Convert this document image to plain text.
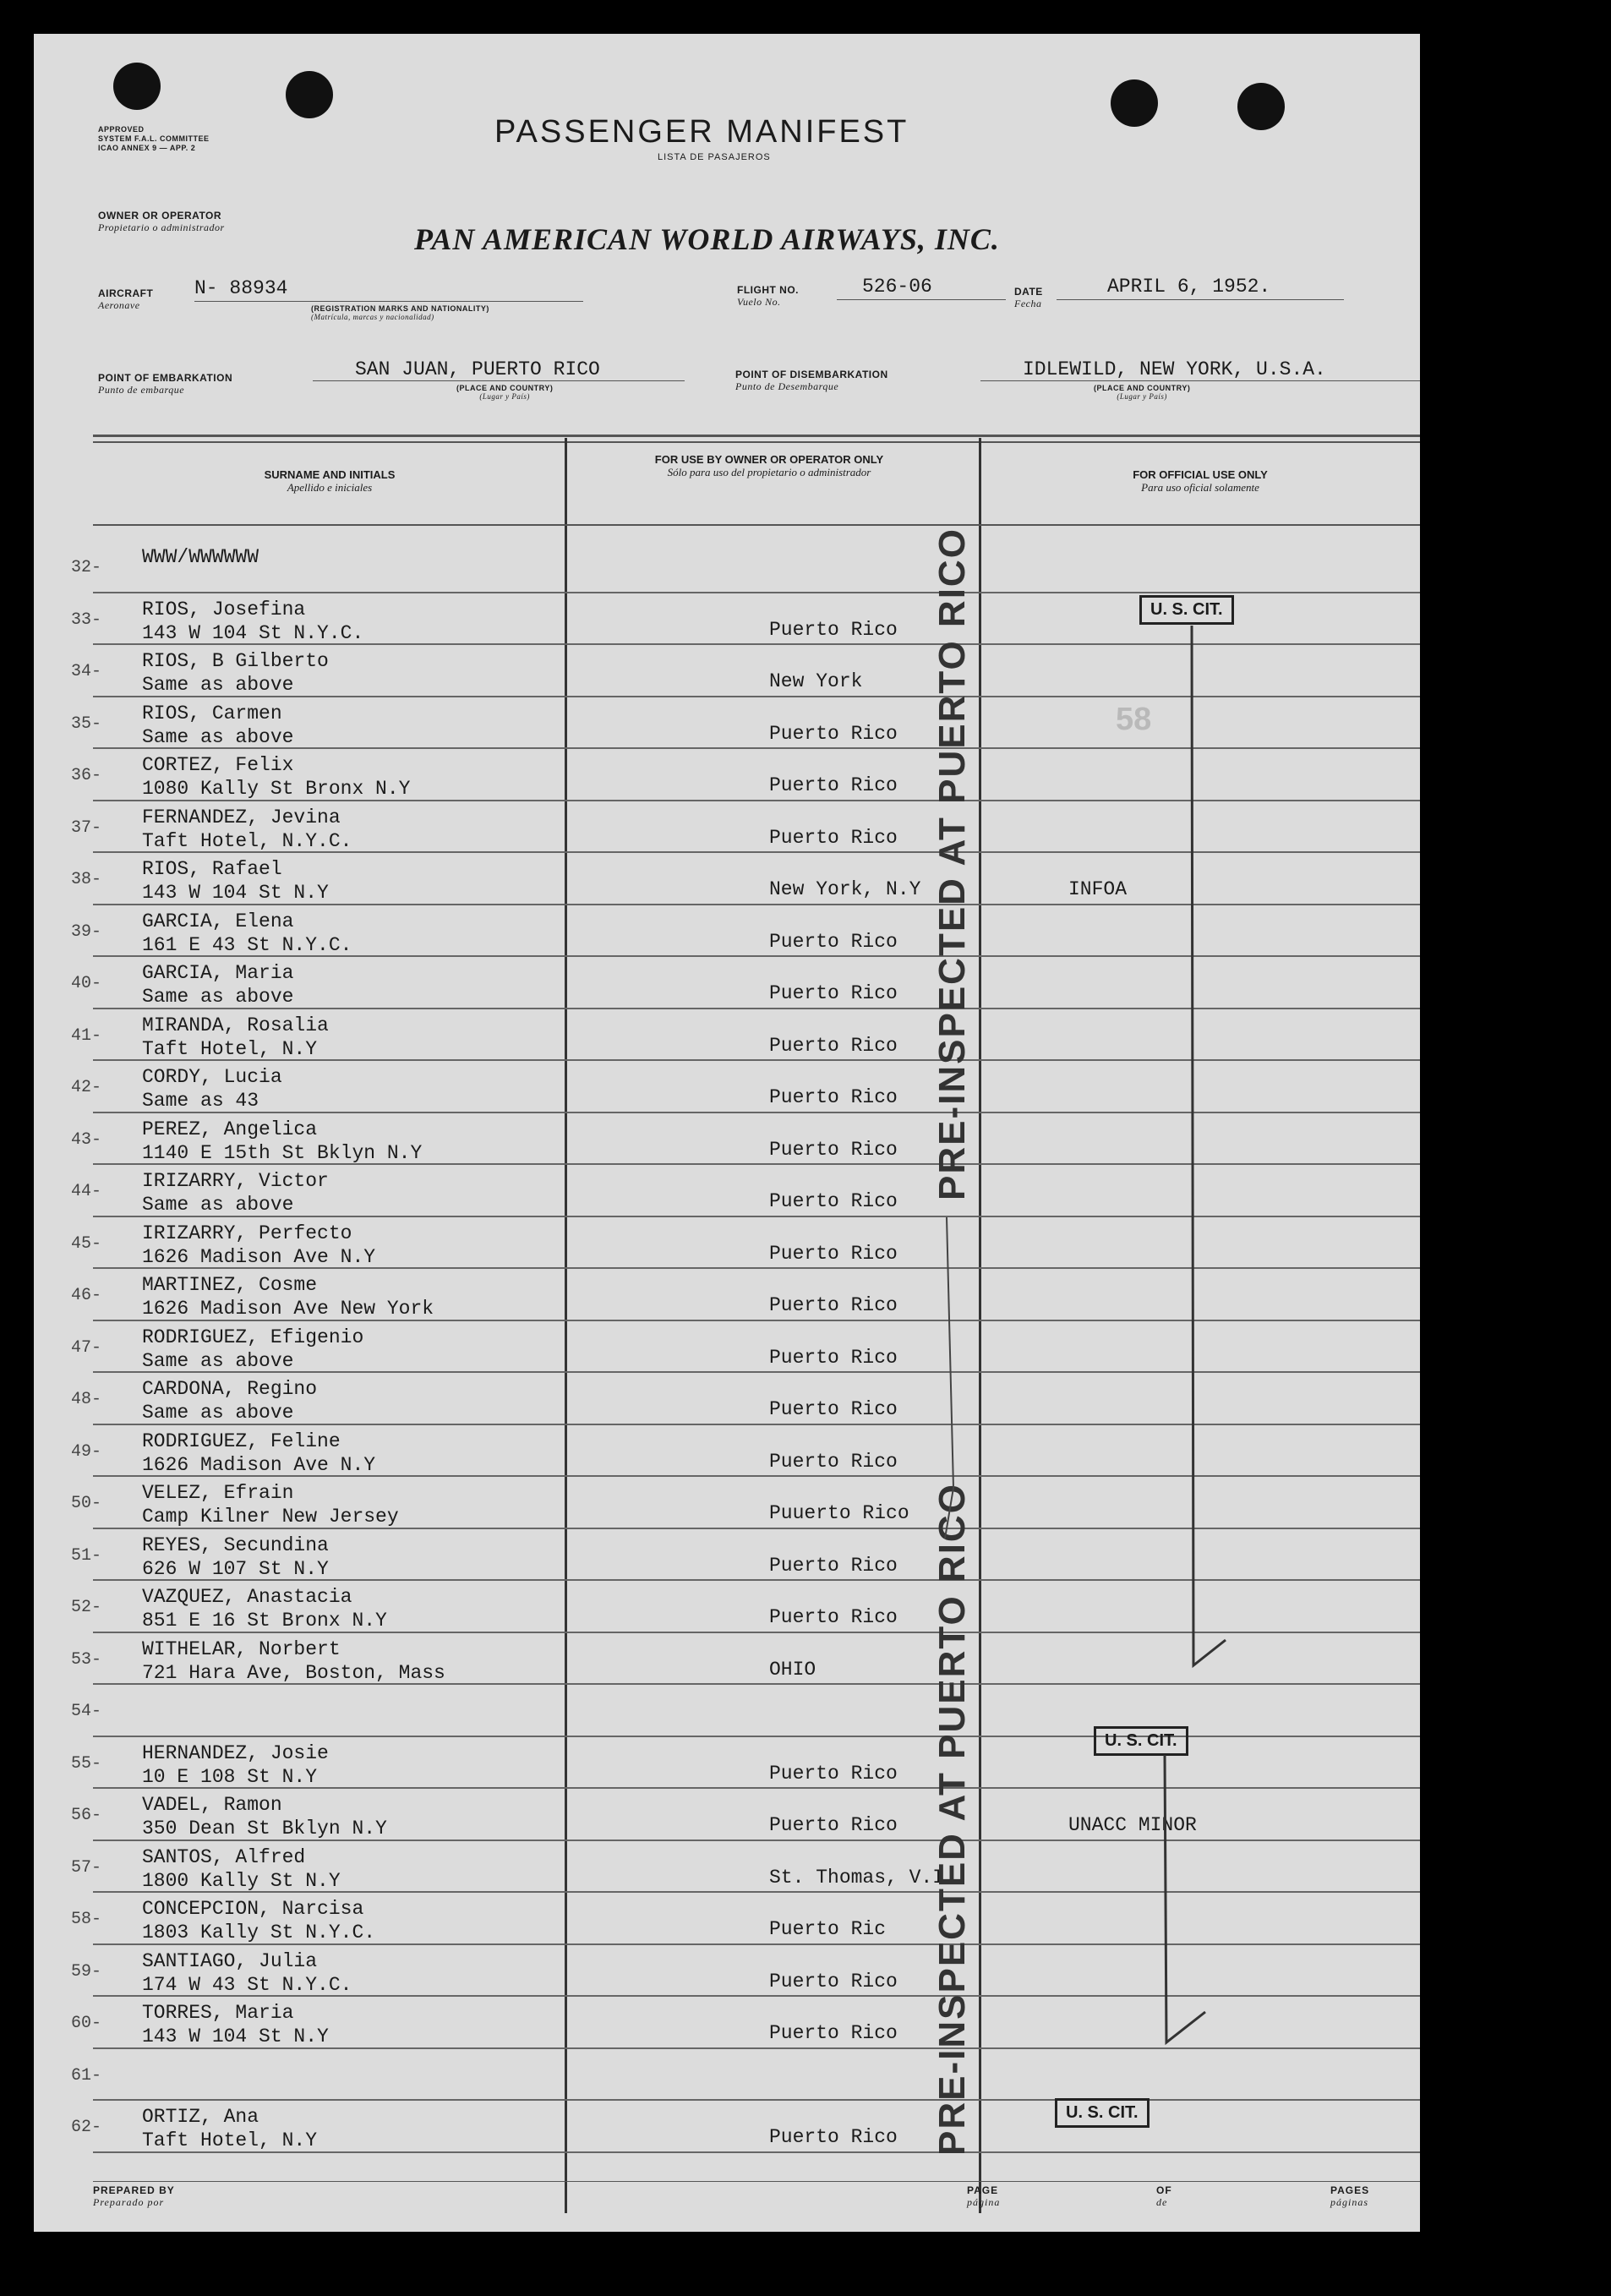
APPROVED
SYSTEM F.A.L. COMMITTEE
ICAO ANNEX 9 — APP. 2	PASSENGER MANIFEST
LISTA DE PASAJEROS
OWNER OR OPERATOR
Propietario o administrador	PAN AMERICAN WORLD AIRWAYS, INC.
AIRCRAFT
Aeronave
N- 88934
(REGISTRATION MARKS AND NATIONALITY)
(Matrícula, marcas y nacionalidad)
FLIGHT NO.
Vuelo No.
526-06	DATE
Fecha
APRIL 6, 1952.
POINT OF EMBARKATION
Punto de embarque
SAN JUAN, PUERTO RICO
(PLACE AND COUNTRY)
(Lugar y País)
POINT OF DISEMBARKATION
Punto de Desembarque
IDLEWILD, NEW YORK, U.S.A.
(PLACE AND COUNTRY)
(Lugar y País)
SURNAME AND INITIALS
Apellido e iniciales
FOR USE BY OWNER OR OPERATOR ONLY
Sólo para uso del propietario o administrador	FOR OFFICIAL USE ONLY
Para uso oficial solamente
32- WWW/WWWWWW
33- RIOS, Josefina
143 W 104 St N.Y.C.	Puerto Rico
34- RIOS, B Gilberto
Same as above	New York
35- RIOS, Carmen
Same as above	Puerto Rico
36- CORTEZ, Felix
1080 Kally St Bronx N.Y	Puerto Rico
37- FERNANDEZ, Jevina
Taft Hotel, N.Y.C.	Puerto Rico
38- RIOS, Rafael
143 W 104 St N.Y	New York, N.Y	INFOA
39- GARCIA, Elena
161 E 43 St N.Y.C.	Puerto Rico
40- GARCIA, Maria
Same as above	Puerto Rico
41- MIRANDA, Rosalia
Taft Hotel, N.Y	Puerto Rico
42- CORDY, Lucia
Same as 43	Puerto Rico
43- PEREZ, Angelica
1140 E 15th St Bklyn N.Y	Puerto Rico
44- IRIZARRY, Victor
Same as above	Puerto Rico
45- IRIZARRY, Perfecto
1626 Madison Ave N.Y	Puerto Rico
46- MARTINEZ, Cosme
1626 Madison Ave New York	Puerto Rico
47- RODRIGUEZ, Efigenio
Same as above	Puerto Rico
48- CARDONA, Regino
Same as above	Puerto Rico
49- RODRIGUEZ, Feline
1626 Madison Ave N.Y	Puerto Rico
50- VELEZ, Efrain
Camp Kilner New Jersey	Puuerto Rico
51- REYES, Secundina
626 W 107 St N.Y	Puerto Rico
52- VAZQUEZ, Anastacia
851 E 16 St Bronx N.Y	Puerto Rico
53- WITHELAR, Norbert
721 Hara Ave, Boston, Mass	OHIO
54-
55- HERNANDEZ, Josie
10 E 108 St N.Y	Puerto Rico
56- VADEL, Ramon
350 Dean St Bklyn N.Y	Puerto Rico	UNACC MINOR
57- SANTOS, Alfred
1800 Kally St N.Y	St. Thomas, V.I
58- CONCEPCION, Narcisa
1803 Kally St N.Y.C.	Puerto Ric
59- SANTIAGO, Julia
174 W 43 St N.Y.C.	Puerto Rico
60- TORRES, Maria
143 W 104 St N.Y	Puerto Rico
61-
62- ORTIZ, Ana
Taft Hotel, N.Y	Puerto Rico
U. S. CIT.
U. S. CIT.
U. S. CIT.
PRE-INSPECTED AT PUERTO RICO
PRE-INSPECTED AT PUERTO RICO
58
PREPARED BY
Preparado por
PAGE
página
OF
de
PAGES
páginas
